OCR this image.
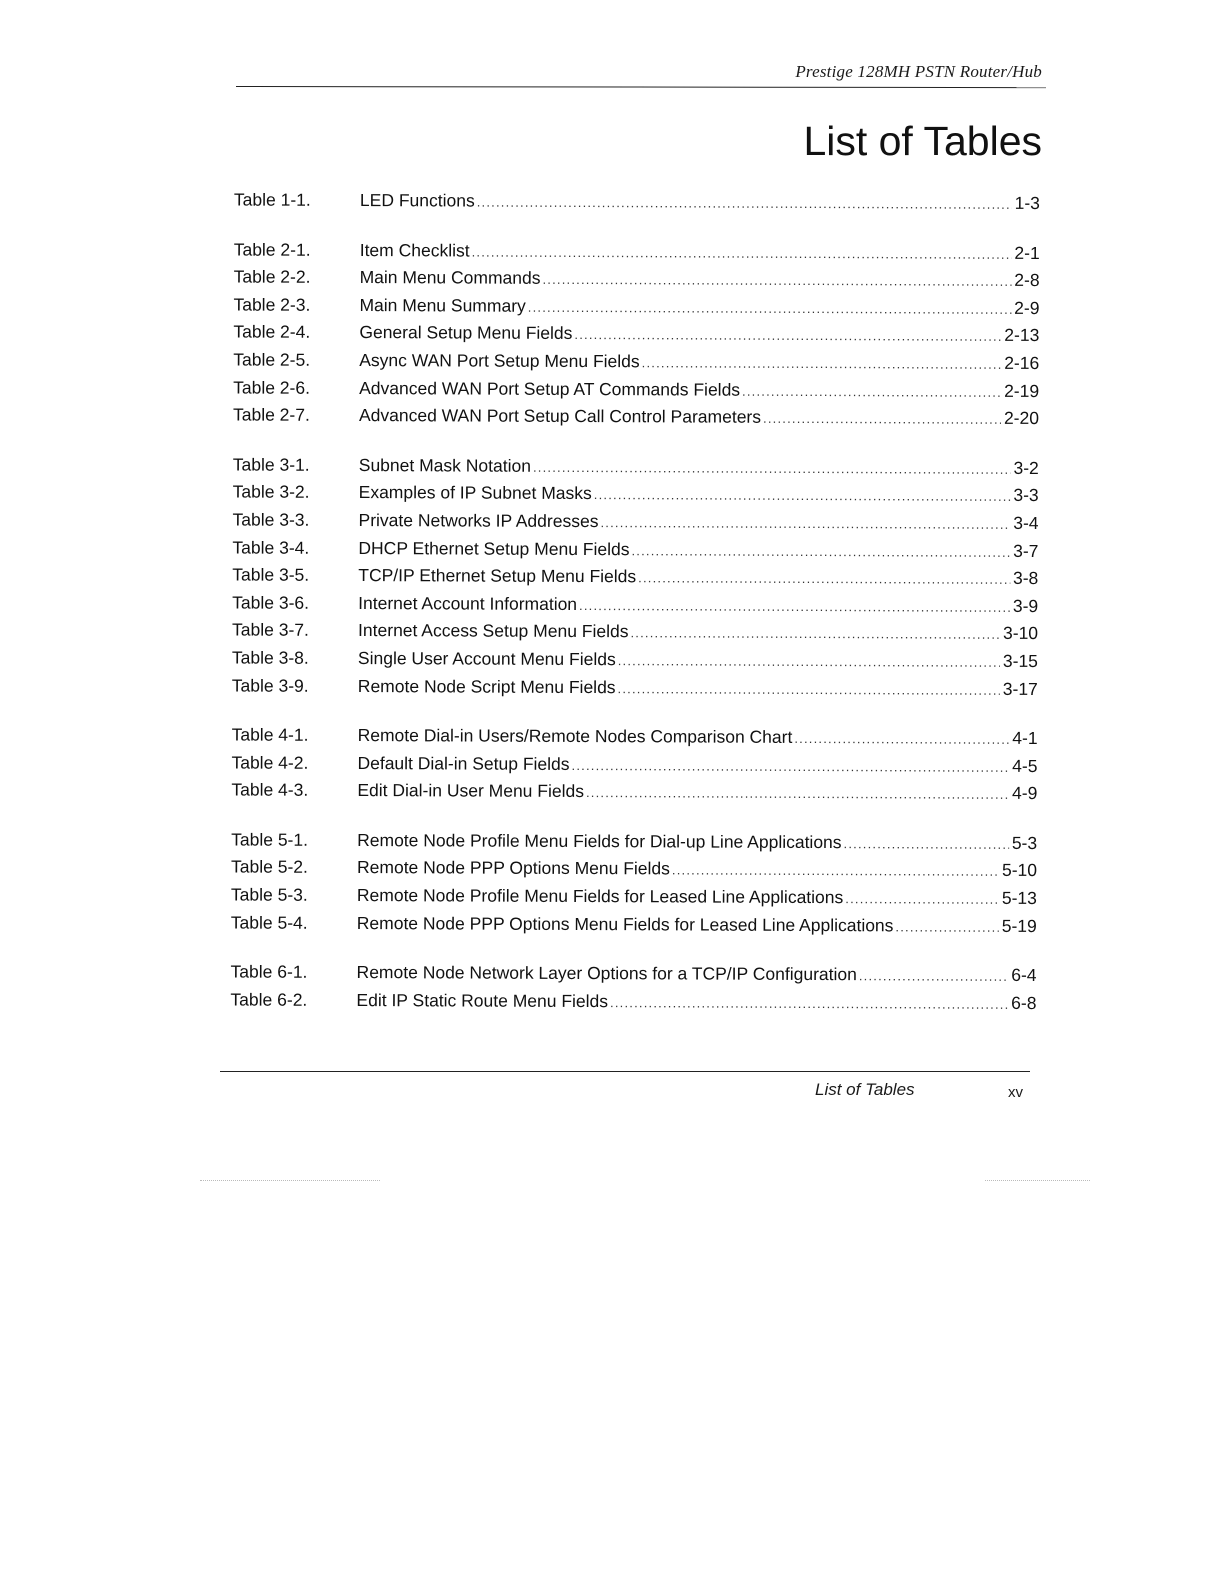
Prestige 128MH PSTN Router/Hub
List of Tables
Table 1-1.	LED Functions .....	1-3
Table 2-1.	Item Checklist .....	2-1
Table 2-2.	Main Menu Commands .....	2-8
Table 2-3.	Main Menu Summary .....	2-9
Table 2-4.	General Setup Menu Fields .....	2-13
Table 2-5.	Async WAN Port Setup Menu Fields .....	2-16
Table 2-6.	Advanced WAN Port Setup AT Commands Fields .....	2-19
Table 2-7.	Advanced WAN Port Setup Call Control Parameters .....	2-20
Table 3-1.	Subnet Mask Notation .....	3-2
Table 3-2.	Examples of IP Subnet Masks .....	3-3
Table 3-3.	Private Networks IP Addresses .....	3-4
Table 3-4.	DHCP Ethernet Setup Menu Fields .....	3-7
Table 3-5.	TCP/IP Ethernet Setup Menu Fields .....	3-8
Table 3-6.	Internet Account Information .....	3-9
Table 3-7.	Internet Access Setup Menu Fields .....	3-10
Table 3-8.	Single User Account Menu Fields .....	3-15
Table 3-9.	Remote Node Script Menu Fields .....	3-17
Table 4-1.	Remote Dial-in Users/Remote Nodes Comparison Chart .....	4-1
Table 4-2.	Default Dial-in Setup Fields .....	4-5
Table 4-3.	Edit Dial-in User Menu Fields .....	4-9
Table 5-1.	Remote Node Profile Menu Fields for Dial-up Line Applications .....	5-3
Table 5-2.	Remote Node PPP Options Menu Fields .....	5-10
Table 5-3.	Remote Node Profile Menu Fields for Leased Line Applications .....	5-13
Table 5-4.	Remote Node PPP Options Menu Fields for Leased Line Applications .....	5-19
Table 6-1.	Remote Node Network Layer Options for a TCP/IP Configuration .....	6-4
Table 6-2.	Edit IP Static Route Menu Fields .....	6-8
List of Tables	xv
